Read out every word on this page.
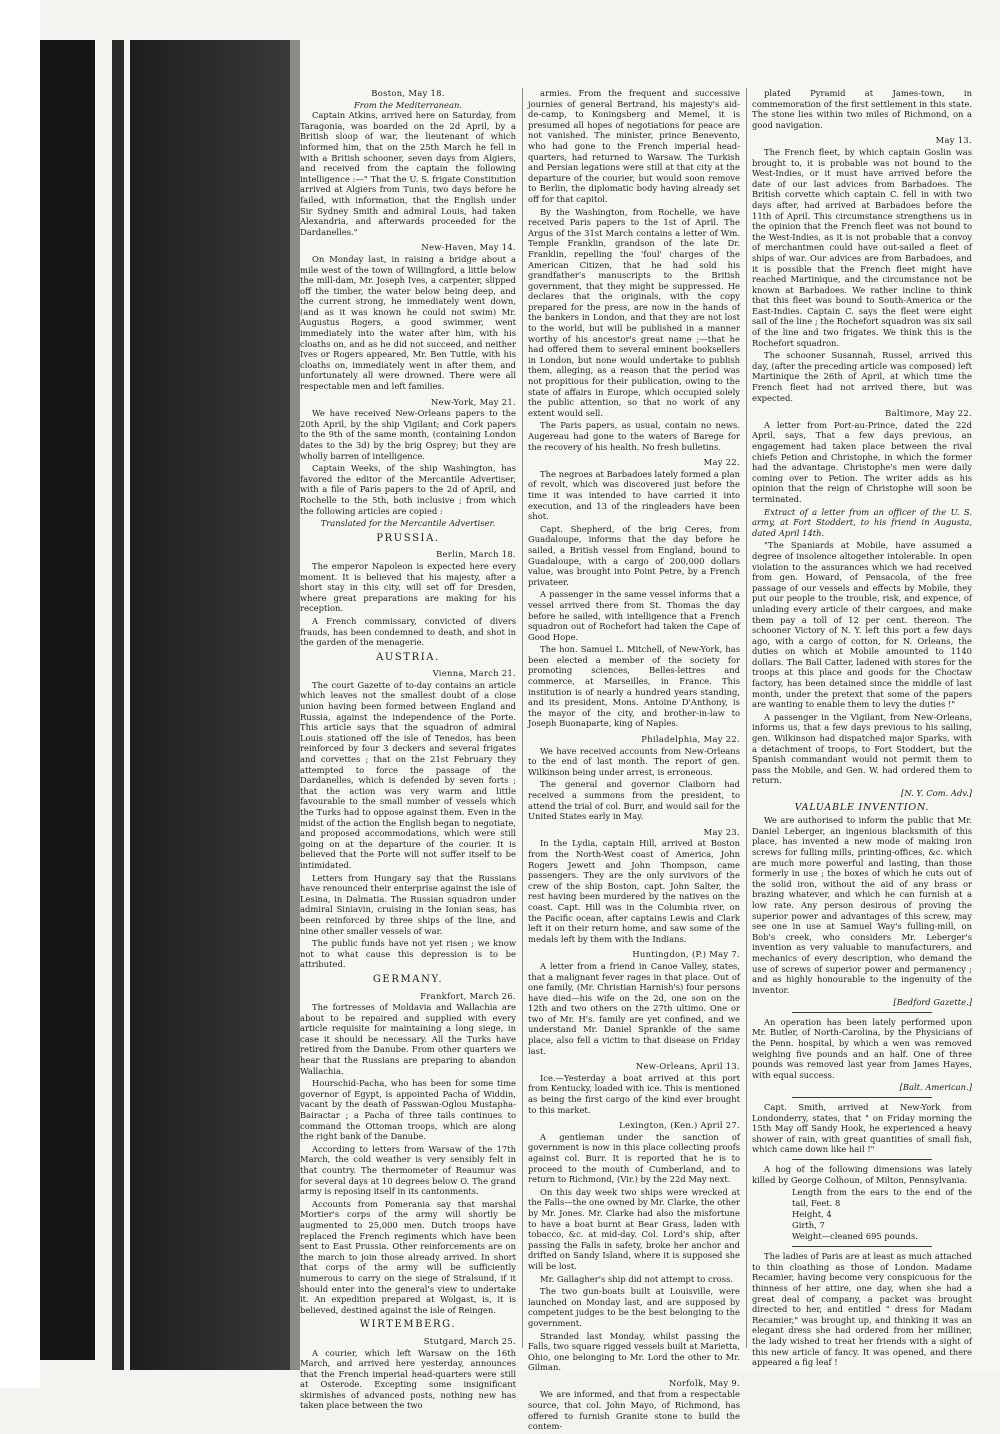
Boston, May 18.
From the Mediterranean.
Captain Atkins, arrived here on Saturday, from Taragonia, was boarded on the 2d April, by a British sloop of war, the lieutenant of which informed him, that on the 25th March he fell in with a British schooner, seven days from Algiers, and received from the captain the following intelligence :—" That the U. S. frigate Constitution arrived at Algiers from Tunis, two days before he failed, with information, that the English under Sir Sydney Smith and admiral Louis, had taken Alexandria, and afterwards proceeded for the Dardanelles."
New-Haven, May 14.
On Monday last, in raising a bridge about a mile west of the town of Willingford, a little below the mill-dam, Mr. Joseph Ives, a carpenter, slipped off the timber, the water below being deep, and the current strong, he immediately went down, (and as it was known he could not swim) Mr. Augustus Rogers, a good swimmer, went immediately into the water after him, with his cloaths on, and as he did not succeed, and neither Ives or Rogers appeared, Mr. Ben Tuttle, with his cloaths on, immediately went in after them, and unfortunately all were drowned. There were all respectable men and left families.
New-York, May 21.
We have received New-Orleans papers to the 20th April, by the ship Vigilant; and Cork papers to the 9th of the same month, (containing London dates to the 3d) by the brig Osprey; but they are wholly barren of intelligence.
Captain Weeks, of the ship Washington, has favored the editor of the Mercantile Advertiser, with a file of Paris papers to the 2d of April, and Rochelle to the 5th, both inclusive ; from which the following articles are copied :
Translated for the Mercantile Advertiser.
PRUSSIA.
Berlin, March 18.
The emperor Napoleon is expected here every moment. It is believed that his majesty, after a short stay in this city, will set off for Dresden, where great preparations are making for his reception.
A French commissary, convicted of divers frauds, has been condemned to death, and shot in the garden of the menagerie.
AUSTRIA.
Vienna, March 21.
The court Gazette of to-day contains an article which leaves not the smallest doubt of a close union having been formed between England and Russia, against the independence of the Porte. This article says that the squadron of admiral Louis stationed off the isle of Tenedos, has been reinforced by four 3 deckers and several frigates and corvettes ; that on the 21st February they attempted to force the passage of the Dardanelles, which is defended by seven forts ; that the action was very warm and little favourable to the small number of vessels which the Turks had to oppose against them. Even in the midst of the action the English began to negotiate, and proposed accommodations, which were still going on at the departure of the courier. It is believed that the Porte will not suffer itself to be intimidated.
Letters from Hungary say that the Russians have renounced their enterprise against the isle of Lesina, in Dalmatia. The Russian squadron under admiral Siniavin, cruising in the Ionian seas, has been reinforced by three ships of the line, and nine other smaller vessels of war.
The public funds have not yet risen ; we know not to what cause this depression is to be attributed.
GERMANY.
Frankfort, March 26.
The fortresses of Moldavia and Wallachia are about to be repaired and supplied with every article requisite for maintaining a long siege, in case it should be necessary. All the Turks have retired from the Danube. From other quarters we hear that the Russians are preparing to abandon Wallachia.
Hourschid-Pacha, who has been for some time governor of Egypt, is appointed Pacha of Widdin, vacant by the death of Passwan-Oglou Mustapha-Bairactar ; a Pacha of three tails continues to command the Ottoman troops, which are along the right bank of the Danube.
According to letters from Warsaw of the 17th March, the cold weather is very sensibly felt in that country. The thermometer of Reaumur was for several days at 10 degrees below O. The grand army is reposing itself in its cantonments.
Accounts from Pomerania say that marshal Mortier's corps of the army will shortly be augmented to 25,000 men. Dutch troops have replaced the French regiments which have been sent to East Prussia. Other reinforcements are on the march to join those already arrived. In short that corps of the army will be sufficiently numerous to carry on the siege of Stralsund, if it should enter into the general's view to undertake it. An expedition prepared at Wolgast, is, it is believed, destined against the isle of Reingen.
WIRTEMBERG.
Stutgard, March 25.
A courier, which left Warsaw on the 16th March, and arrived here yesterday, announces that the French imperial head-quarters were still at Osterode. Excepting some insignificant skirmishes of advanced posts, nothing new has taken place between the two
armies. From the frequent and successive journies of general Bertrand, his majesty's aid-de-camp, to Koningsberg and Memel, it is presumed all hopes of negotiations for peace are not vanished. The minister, prince Benevento, who had gone to the French imperial head-quarters, had returned to Warsaw. The Turkish and Persian legations were still at that city at the departure of the courier, but would soon remove to Berlin, the diplomatic body having already set off for that capitol.
By the Washington, from Rochelle, we have received Paris papers to the 1st of April. The Argus of the 31st March contains a letter of Wm. Temple Franklin, grandson of the late Dr. Franklin, repelling the 'foul' charges of the American Citizen, that he had sold his grandfather's manuscripts to the British government, that they might be suppressed. He declares that the originals, with the copy prepared for the press, are now in the hands of the bankers in London, and that they are not lost to the world, but will be published in a manner worthy of his ancestor's great name ;—that he had offered them to several eminent booksellers in London, but none would undertake to publish them, alleging, as a reason that the period was not propitious for their publication, owing to the state of affairs in Europe, which occupied solely the public attention, so that no work of any extent would sell.
The Paris papers, as usual, contain no news. Augereau had gone to the waters of Barege for the recovery of his health. No fresh bulletins.
May 22.
The negroes at Barbadoes lately formed a plan of revolt, which was discovered just before the time it was intended to have carried it into execution, and 13 of the ringleaders have been shot.
Capt. Shepherd, of the brig Ceres, from Guadaloupe, informs that the day before he sailed, a British vessel from England, bound to Guadaloupe, with a cargo of 200,000 dollars value, was brought into Point Petre, by a French privateer.
A passenger in the same vessel informs that a vessel arrived there from St. Thomas the day before he sailed, with intelligence that a French squadron out of Rochefort had taken the Cape of Good Hope.
The hon. Samuel L. Mitchell, of New-York, has been elected a member of the society for promoting sciences, Belles-lettres and commerce, at Marseilles, in France. This institution is of nearly a hundred years standing, and its president, Mons. Antoine D'Anthony, is the mayor of the city, and brother-in-law to Joseph Buonaparte, king of Naples.
Philadelphia, May 22.
We have received accounts from New-Orleans to the end of last month. The report of gen. Wilkinson being under arrest, is erroneous.
The general and governor Claiborn had received a summons from the president, to attend the trial of col. Burr, and would sail for the United States early in May.
May 23.
In the Lydia, captain Hill, arrived at Boston from the North-West coast of America, John Rogers Jewett and John Thompson, came passengers. They are the only survivors of the crew of the ship Boston, capt. John Salter, the rest having been murdered by the natives on the coast. Capt. Hill was in the Columbia river, on the Pacific ocean, after captains Lewis and Clark left it on their return home, and saw some of the medals left by them with the Indians.
Huntingdon, (P.) May 7.
A letter from a friend in Canoe Valley, states, that a malignant fever rages in that place. Out of one family, (Mr. Christian Harnish's) four persons have died—his wife on the 2d, one son on the 12th and two others on the 27th ultimo. One or two of Mr. H's. family are yet confined, and we understand Mr. Daniel Sprankle of the same place, also fell a victim to that disease on Friday last.
New-Orleans, April 13.
Ice.—Yesterday a boat arrived at this port from Kentucky, loaded with ice. This is mentioned as being the first cargo of the kind ever brought to this market.
Lexington, (Ken.) April 27.
A gentleman under the sanction of government is now in this place collecting proofs against col. Burr. It is reported that he is to proceed to the mouth of Cumberland, and to return to Richmond, (Vir.) by the 22d May next.
On this day week two ships were wrecked at the Falls—the one owned by Mr. Clarke, the other by Mr. Jones. Mr. Clarke had also the misfortune to have a boat burnt at Bear Grass, laden with tobacco, &c. at mid-day. Col. Lord's ship, after passing the Falls in safety, broke her anchor and drifted on Sandy Island, where it is supposed she will be lost.
Mr. Gallagher's ship did not attempt to cross.
The two gun-boats built at Louisville, were launched on Monday last, and are supposed by competent judges to be the best belonging to the government.
Stranded last Monday, whilst passing the Falls, two square rigged vessels built at Marietta, Ohio, one belonging to Mr. Lord the other to Mr. Gilman.
Norfolk, May 9.
We are informed, and that from a respectable source, that col. John Mayo, of Richmond, has offered to furnish Granite stone to build the contem-
plated Pyramid at James-town, in commemoration of the first settlement in this state. The stone lies within two miles of Richmond, on a good navigation.
May 13.
The French fleet, by which captain Goslin was brought to, it is probable was not bound to the West-Indies, or it must have arrived before the date of our last advices from Barbadoes. The British corvette which captain C. fell in with two days after, had arrived at Barbadoes before the 11th of April. This circumstance strengthens us in the opinion that the French fleet was not bound to the West-Indies, as it is not probable that a convoy of merchantmen could have out-sailed a fleet of ships of war. Our advices are from Barbadoes, and it is possible that the French fleet might have reached Martinique, and the circumstance not be known at Barbadoes. We rather incline to think that this fleet was bound to South-America or the East-Indies. Captain C. says the fleet were eight sail of the line ; the Rochefort squadron was six sail of the line and two frigates. We think this is the Rochefort squadron.
The schooner Susannah, Russel, arrived this day, (after the preceding article was composed) left Martinique the 26th of April, at which time the French fleet had not arrived there, but was expected.
Baltimore, May 22.
A letter from Port-au-Prince, dated the 22d April, says, That a few days previous, an engagement had taken place between the rival chiefs Petion and Christophe, in which the former had the advantage. Christophe's men were daily coming over to Petion. The writer adds as his opinion that the reign of Christophe will soon be terminated.
Extract of a letter from an officer of the U. S. army, at Fort Stoddert, to his friend in Augusta, dated April 14th.
"The Spaniards at Mobile, have assumed a degree of insolence altogether intolerable. In open violation to the assurances which we had received from gen. Howard, of Pensacola, of the free passage of our vessels and effects by Mobile, they put our people to the trouble, risk, and expence, of unlading every article of their cargoes, and make them pay a toll of 12 per cent. thereon. The schooner Victory of N. Y. left this port a few days ago, with a cargo of cotton, for N. Orleans, the duties on which at Mobile amounted to 1140 dollars. The Ball Catter, ladened with stores for the troops at this place and goods for the Choctaw factory, has been detained since the middle of last month, under the pretext that some of the papers are wanting to enable them to levy the duties !"
A passenger in the Vigilant, from New-Orleans, informs us, that a few days previous to his sailing, gen. Wilkinson had dispatched major Sparks, with a detachment of troops, to Fort Stoddert, but the Spanish commandant would not permit them to pass the Mobile, and Gen. W. had ordered them to return.
[N. Y. Com. Adv.]
VALUABLE INVENTION.
We are authorised to inform the public that Mr. Daniel Leberger, an ingenious blacksmith of this place, has invented a new mode of making iron screws for fulling mills, printing-offices, &c. which are much more powerful and lasting, than those formerly in use ; the boxes of which he cuts out of the solid iron, without the aid of any brass or brazing whatever, and which he can furnish at a low rate. Any person desirous of proving the superior power and advantages of this screw, may see one in use at Samuel Way's fulling-mill, on Bob's creek, who considers Mr. Leberger's invention as very valuable to manufacturers, and mechanics of every description, who demand the use of screws of superior power and permanency ; and as highly honourable to the ingenuity of the inventor.
[Bedford Gazette.]
An operation has been lately performed upon Mr. Butler, of North-Carolina, by the Physicians of the Penn. hospital, by which a wen was removed weighing five pounds and an half. One of three pounds was removed last year from James Hayes, with equal success.
[Balt. American.]
Capt. Smith, arrived at New-York from Londonderry, states, that " on Friday morning the 15th May off Sandy Hook, he experienced a heavy shower of rain, with great quantities of small fish, which came down like hail !"
A hog of the following dimensions was lately killed by George Colhoun, of Milton, Pennsylvania.
Length from the ears to the end of the tail, Feet. 8
Height, 4
Girth, 7
Weight—cleaned 695 pounds.
The ladies of Paris are at least as much attached to thin cloathing as those of London. Madame Recamier, having become very conspicuous for the thinness of her attire, one day, when she had a great deal of company, a packet was brought directed to her, and entitled " dress for Madam Recamier," was brought up, and thinking it was an elegant dress she had ordered from her milliner, the lady wished to treat her friends with a sight of this new article of fancy. It was opened, and there appeared a fig leaf !
